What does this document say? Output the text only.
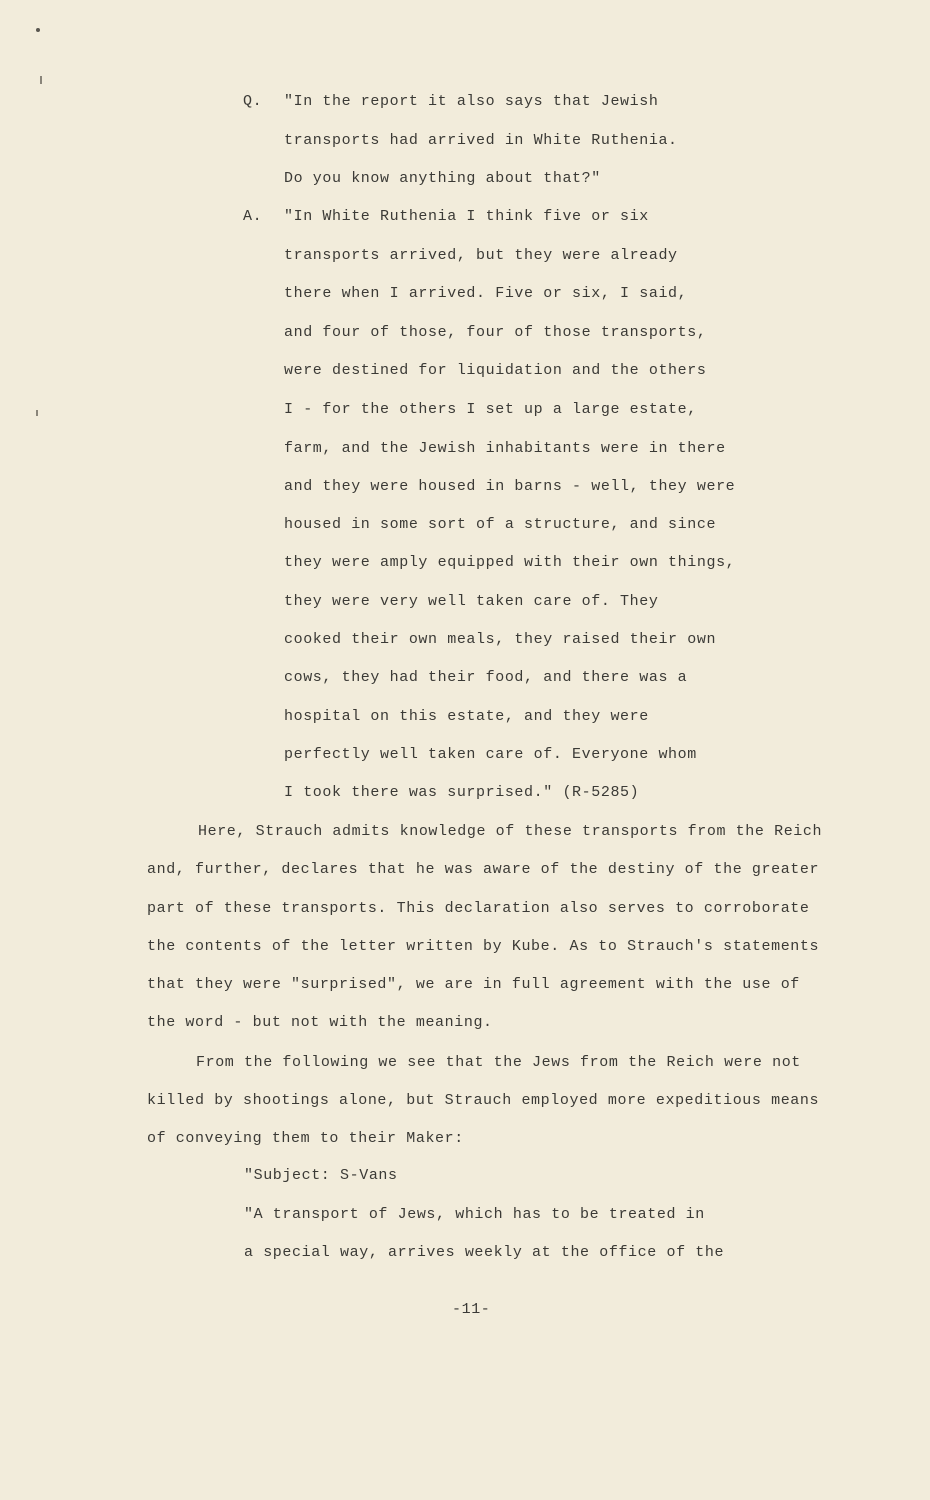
Q. "In the report it also says that Jewish
transports had arrived in White Ruthenia.
Do you know anything about that?"
A. "In White Ruthenia I think five or six
transports arrived, but they were already
there when I arrived. Five or six, I said,
and four of those, four of those transports,
were destined for liquidation and the others
I - for the others I set up a large estate,
farm, and the Jewish inhabitants were in there
and they were housed in barns - well, they were
housed in some sort of a structure, and since
they were amply equipped with their own things,
they were very well taken care of. They
cooked their own meals, they raised their own
cows, they had their food, and there was a
hospital on this estate, and they were
perfectly well taken care of. Everyone whom
I took there was surprised." (R-5285)
Here, Strauch admits knowledge of these transports from the Reich
and, further, declares that he was aware of the destiny of the greater
part of these transports. This declaration also serves to corroborate
the contents of the letter written by Kube. As to Strauch's statements
that they were "surprised", we are in full agreement with the use of
the word - but not with the meaning.
From the following we see that the Jews from the Reich were not
killed by shootings alone, but Strauch employed more expeditious means
of conveying them to their Maker:
"Subject: S-Vans
"A transport of Jews, which has to be treated in
a special way, arrives weekly at the office of the
-11-
